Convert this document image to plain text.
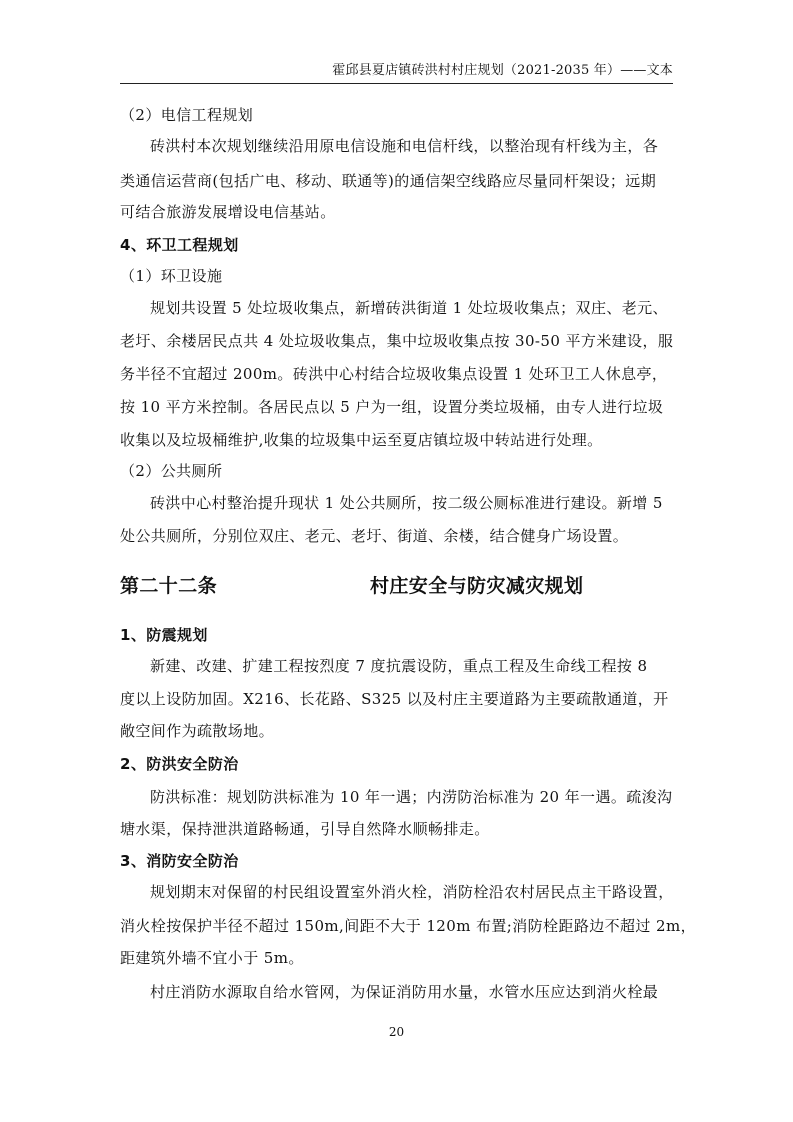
霍邱县夏店镇砖洪村村庄规划（2021-2035 年）——文本
（2）电信工程规划
砖洪村本次规划继续沿用原电信设施和电信杆线，以整治现有杆线为主，各
类通信运营商(包括广电、移动、联通等)的通信架空线路应尽量同杆架设；远期
可结合旅游发展增设电信基站。
4、环卫工程规划
（1）环卫设施
规划共设置 5 处垃圾收集点，新增砖洪街道 1 处垃圾收集点；双庄、老元、
老圩、余楼居民点共 4 处垃圾收集点，集中垃圾收集点按 30-50 平方米建设，服
务半径不宜超过 200m。砖洪中心村结合垃圾收集点设置 1 处环卫工人休息亭，
按 10 平方米控制。各居民点以 5 户为一组，设置分类垃圾桶，由专人进行垃圾
收集以及垃圾桶维护,收集的垃圾集中运至夏店镇垃圾中转站进行处理。
（2）公共厕所
砖洪中心村整治提升现状 1 处公共厕所，按二级公厕标准进行建设。新增 5
处公共厕所，分别位双庄、老元、老圩、街道、余楼，结合健身广场设置。
第二十二条	村庄安全与防灾减灾规划
1、防震规划
新建、改建、扩建工程按烈度 7 度抗震设防，重点工程及生命线工程按 8
度以上设防加固。X216、长花路、S325 以及村庄主要道路为主要疏散通道，开
敞空间作为疏散场地。
2、防洪安全防治
防洪标准：规划防洪标准为 10 年一遇；内涝防治标准为 20 年一遇。疏浚沟
塘水渠，保持泄洪道路畅通，引导自然降水顺畅排走。
3、消防安全防治
规划期末对保留的村民组设置室外消火栓，消防栓沿农村居民点主干路设置，
消火栓按保护半径不超过 150m,间距不大于 120m 布置;消防栓距路边不超过 2m，
距建筑外墙不宜小于 5m。
村庄消防水源取自给水管网，为保证消防用水量，水管水压应达到消火栓最
20
